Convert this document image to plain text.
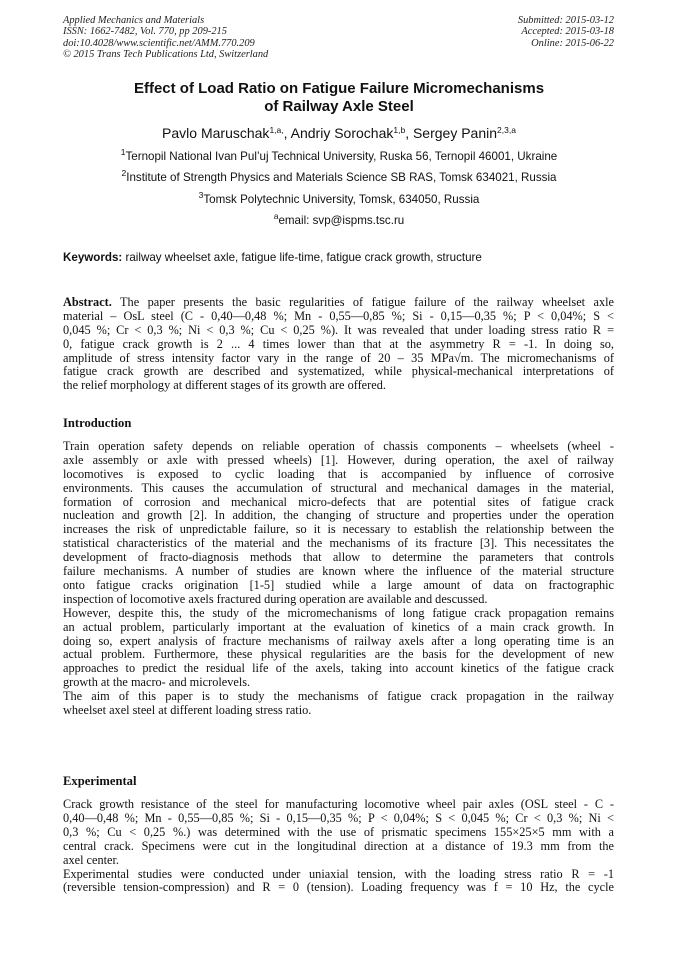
Applied Mechanics and Materials
ISSN: 1662-7482, Vol. 770, pp 209-215
doi:10.4028/www.scientific.net/AMM.770.209
© 2015 Trans Tech Publications Ltd, Switzerland
Submitted: 2015-03-12
Accepted: 2015-03-18
Online: 2015-06-22
Effect of Load Ratio on Fatigue Failure Micromechanisms
of Railway Axle Steel
Pavlo Maruschak$^{1,a,}$, Andriy Sorochak$^{1,b}$, Sergey Panin$^{2,3,a}$
$^1$Ternopil National Ivan Pul’uj Technical University, Ruska 56, Ternopil 46001, Ukraine
$^2$Institute of Strength Physics and Materials Science SB RAS, Tomsk 634021, Russia
$^3$Tomsk Polytechnic University, Tomsk, 634050, Russia
$^a$email: svp@ispms.tsc.ru
Keywords: railway wheelset axle, fatigue life-time, fatigue crack growth, structure
Abstract. The paper presents the basic regularities of fatigue failure of the railway wheelset axle
material – OsL steel (C - 0,40—0,48 %; Mn - 0,55—0,85 %; Si - 0,15—0,35 %; P < 0,04%; S <
0,045 %; Cr < 0,3 %; Ni < 0,3 %; Cu < 0,25 %). It was revealed that under loading stress ratio R =
0, fatigue crack growth is 2 ... 4 times lower than that at the asymmetry R = -1. In doing so,
amplitude of stress intensity factor vary in the range of 20 – 35 MPa√m. The micromechanisms of
fatigue crack growth are described and systematized, while physical-mechanical interpretations of
the relief morphology at different stages of its growth are offered.
Introduction
Train operation safety depends on reliable operation of chassis components – wheelsets (wheel -
axle assembly or axle with pressed wheels) [1]. However, during operation, the axel of railway
locomotives is exposed to cyclic loading that is accompanied by influence of corrosive
environments. This causes the accumulation of structural and mechanical damages in the material,
formation of corrosion and mechanical micro-defects that are potential sites of fatigue crack
nucleation and growth [2]. In addition, the changing of structure and properties under the operation
increases the risk of unpredictable failure, so it is necessary to establish the relationship between the
statistical characteristics of the material and the mechanisms of its fracture [3]. This necessitates the
development of fracto-diagnosis methods that allow to determine the parameters that controls
failure mechanisms. A number of studies are known where the influence of the material structure
onto fatigue cracks origination [1-5] studied while a large amount of data on fractographic
inspection of locomotive axels fractured during operation are available and descussed.
However, despite this, the study of the micromechanisms of long fatigue crack propagation remains
an actual problem, particularly important at the evaluation of kinetics of a main crack growth. In
doing so, expert analysis of fracture mechanisms of railway axels after a long operating time is an
actual problem. Furthermore, these physical regularities are the basis for the development of new
approaches to predict the residual life of the axels, taking into account kinetics of the fatigue crack
growth at the macro- and microlevels.
The aim of this paper is to study the mechanisms of fatigue crack propagation in the railway
wheelset axel steel at different loading stress ratio.
Experimental
Crack growth resistance of the steel for manufacturing locomotive wheel pair axles (OSL steel - C -
0,40—0,48 %; Mn - 0,55—0,85 %; Si - 0,15—0,35 %; P < 0,04%; S < 0,045 %; Cr < 0,3 %; Ni <
0,3 %; Cu < 0,25 %.) was determined with the use of prismatic specimens 155×25×5 mm with a
central crack. Specimens were cut in the longitudinal direction at a distance of 19.3 mm from the
axel center.
Experimental studies were conducted under uniaxial tension, with the loading stress ratio R = -1
(reversible tension-compression) and R = 0 (tension). Loading frequency was f = 10 Hz, the cycle
